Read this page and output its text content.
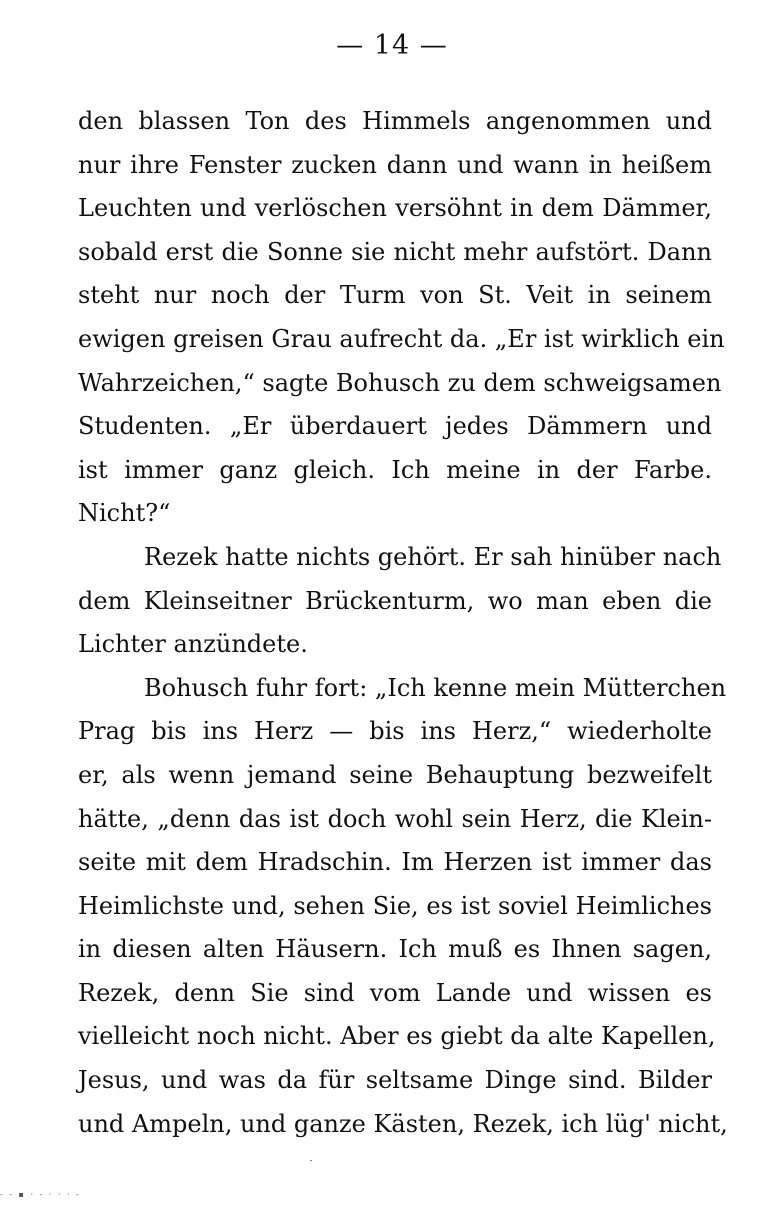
— 14 —
den blassen Ton des Himmels angenommen und
nur ihre Fenster zucken dann und wann in heißem
Leuchten und verlöschen versöhnt in dem Dämmer,
sobald erst die Sonne sie nicht mehr aufstört. Dann
steht nur noch der Turm von St. Veit in seinem
ewigen greisen Grau aufrecht da. „Er ist wirklich ein
Wahrzeichen,“ sagte Bohusch zu dem schweigsamen
Studenten. „Er überdauert jedes Dämmern und
ist immer ganz gleich. Ich meine in der Farbe.
Nicht?“
Rezek hatte nichts gehört. Er sah hinüber nach
dem Kleinseitner Brückenturm, wo man eben die
Lichter anzündete.
Bohusch fuhr fort: „Ich kenne mein Mütterchen
Prag bis ins Herz — bis ins Herz,“ wiederholte
er, als wenn jemand seine Behauptung bezweifelt
hätte, „denn das ist doch wohl sein Herz, die Klein-
seite mit dem Hradschin. Im Herzen ist immer das
Heimlichste und, sehen Sie, es ist soviel Heimliches
in diesen alten Häusern. Ich muß es Ihnen sagen,
Rezek, denn Sie sind vom Lande und wissen es
vielleicht noch nicht. Aber es giebt da alte Kapellen,
Jesus, und was da für seltsame Dinge sind. Bilder
und Ampeln, und ganze Kästen, Rezek, ich lüg' nicht,
- - ▪ · - · · · -
